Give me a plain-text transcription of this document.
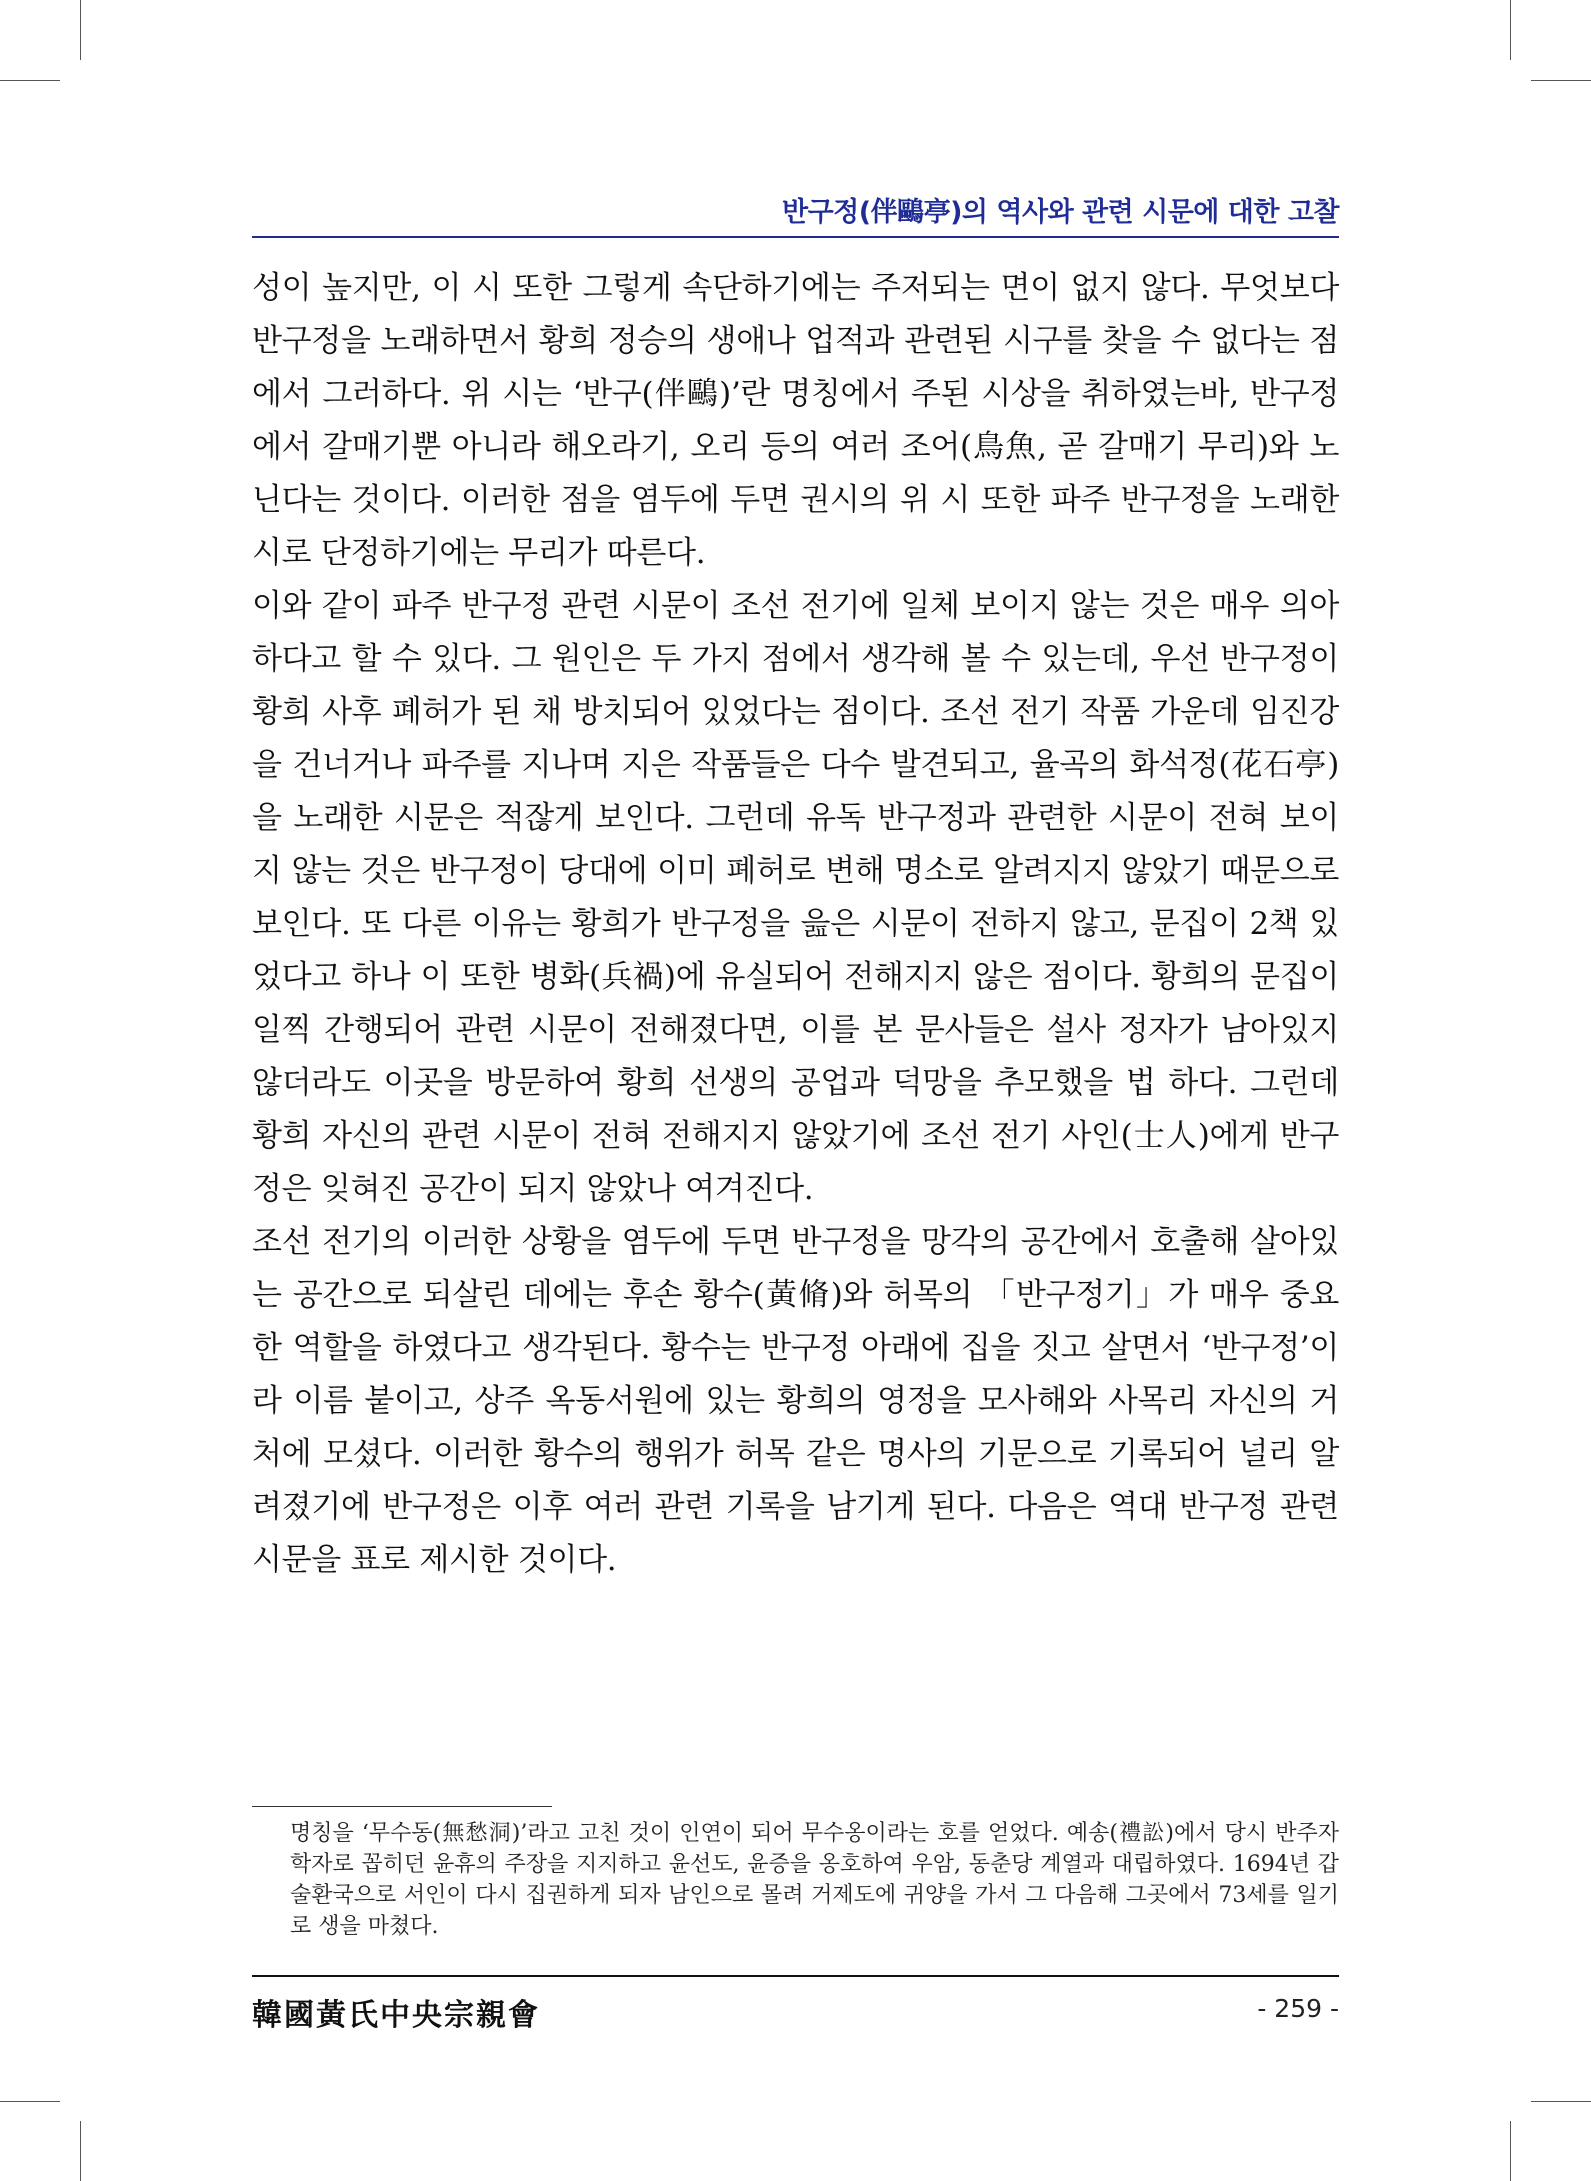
반구정(伴鷗亭)의 역사와 관련 시문에 대한 고찰

성이 높지만, 이 시 또한 그렇게 속단하기에는 주저되는 면이 없지 않다. 무엇보다 반구정을 노래하면서 황희 정승의 생애나 업적과 관련된 시구를 찾을 수 없다는 점에서 그러하다. 위 시는 ‘반구(伴鷗)’란 명칭에서 주된 시상을 취하였는바, 반구정에서 갈매기뿐 아니라 해오라기, 오리 등의 여러 조어(鳥魚, 곧 갈매기 무리)와 노닌다는 것이다. 이러한 점을 염두에 두면 권시의 위 시 또한 파주 반구정을 노래한 시로 단정하기에는 무리가 따른다.

이와 같이 파주 반구정 관련 시문이 조선 전기에 일체 보이지 않는 것은 매우 의아하다고 할 수 있다. 그 원인은 두 가지 점에서 생각해 볼 수 있는데, 우선 반구정이 황희 사후 폐허가 된 채 방치되어 있었다는 점이다. 조선 전기 작품 가운데 임진강을 건너거나 파주를 지나며 지은 작품들은 다수 발견되고, 율곡의 화석정(花石亭)을 노래한 시문은 적잖게 보인다. 그런데 유독 반구정과 관련한 시문이 전혀 보이지 않는 것은 반구정이 당대에 이미 폐허로 변해 명소로 알려지지 않았기 때문으로 보인다. 또 다른 이유는 황희가 반구정을 읊은 시문이 전하지 않고, 문집이 2책 있었다고 하나 이 또한 병화(兵禍)에 유실되어 전해지지 않은 점이다. 황희의 문집이 일찍 간행되어 관련 시문이 전해졌다면, 이를 본 문사들은 설사 정자가 남아있지 않더라도 이곳을 방문하여 황희 선생의 공업과 덕망을 추모했을 법 하다. 그런데 황희 자신의 관련 시문이 전혀 전해지지 않았기에 조선 전기 사인(士人)에게 반구정은 잊혀진 공간이 되지 않았나 여겨진다.

조선 전기의 이러한 상황을 염두에 두면 반구정을 망각의 공간에서 호출해 살아있는 공간으로 되살린 데에는 후손 황수(黃脩)와 허목의 「반구정기」가 매우 중요한 역할을 하였다고 생각된다. 황수는 반구정 아래에 집을 짓고 살면서 ‘반구정’이라 이름 붙이고, 상주 옥동서원에 있는 황희의 영정을 모사해와 사목리 자신의 거처에 모셨다. 이러한 황수의 행위가 허목 같은 명사의 기문으로 기록되어 널리 알려졌기에 반구정은 이후 여러 관련 기록을 남기게 된다. 다음은 역대 반구정 관련 시문을 표로 제시한 것이다.

명칭을 ‘무수동(無愁洞)’라고 고친 것이 인연이 되어 무수옹이라는 호를 얻었다. 예송(禮訟)에서 당시 반주자학자로 꼽히던 윤휴의 주장을 지지하고 윤선도, 윤증을 옹호하여 우암, 동춘당 계열과 대립하였다. 1694년 갑술환국으로 서인이 다시 집권하게 되자 남인으로 몰려 거제도에 귀양을 가서 그 다음해 그곳에서 73세를 일기로 생을 마쳤다.

韓國黃氏中央宗親會	- 259 -
